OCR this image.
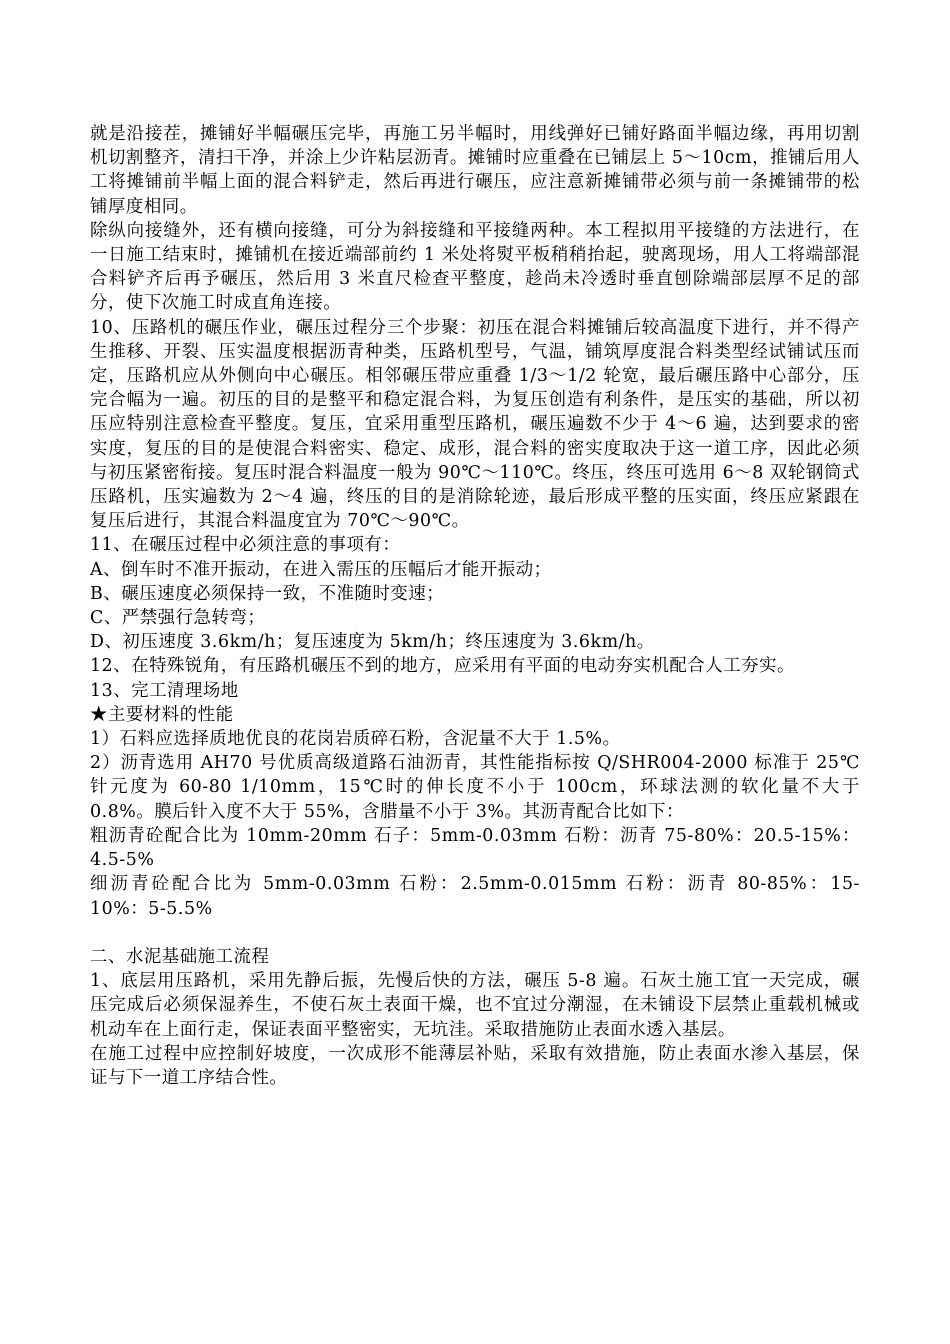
就是沿接茬，摊铺好半幅碾压完毕，再施工另半幅时，用线弹好已铺好路面半幅边缘，再用切割机切割整齐，清扫干净，并涂上少许粘层沥青。摊铺时应重叠在已铺层上 5～10cm，推铺后用人工将摊铺前半幅上面的混合料铲走，然后再进行碾压，应注意新摊铺带必须与前一条摊铺带的松铺厚度相同。

除纵向接缝外，还有横向接缝，可分为斜接缝和平接缝两种。本工程拟用平接缝的方法进行，在一日施工结束时，摊铺机在接近端部前约 1 米处将熨平板稍稍抬起，驶离现场，用人工将端部混合料铲齐后再予碾压，然后用 3 米直尺检查平整度，趁尚未冷透时垂直刨除端部层厚不足的部分，使下次施工时成直角连接。

10、压路机的碾压作业，碾压过程分三个步聚：初压在混合料摊铺后较高温度下进行，并不得产生推移、开裂、压实温度根据沥青种类，压路机型号，气温，铺筑厚度混合料类型经试铺试压而定，压路机应从外侧向中心碾压。相邻碾压带应重叠 1/3～1/2 轮宽，最后碾压路中心部分，压完合幅为一遍。初压的目的是整平和稳定混合料，为复压创造有利条件，是压实的基础，所以初压应特别注意检查平整度。复压，宜采用重型压路机，碾压遍数不少于 4～6 遍，达到要求的密实度，复压的目的是使混合料密实、稳定、成形，混合料的密实度取决于这一道工序，因此必须与初压紧密衔接。复压时混合料温度一般为 90℃～110℃。终压，终压可选用 6～8 双轮钢筒式压路机，压实遍数为 2～4 遍，终压的目的是消除轮迹，最后形成平整的压实面，终压应紧跟在复压后进行，其混合料温度宜为 70℃～90℃。

11、在碾压过程中必须注意的事项有：

A、倒车时不准开振动，在进入需压的压幅后才能开振动；

B、碾压速度必须保持一致，不准随时变速；

C、严禁强行急转弯；

D、初压速度 3.6km/h；复压速度为 5km/h；终压速度为 3.6km/h。

12、在特殊锐角，有压路机碾压不到的地方，应采用有平面的电动夯实机配合人工夯实。

13、完工清理场地

★主要材料的性能

1）石料应选择质地优良的花岗岩质碎石粉，含泥量不大于 1.5%。

2）沥青选用 AH70 号优质高级道路石油沥青，其性能指标按 Q/SHR004-2000 标准于 25℃针元度为 60-80 1/10mm，15℃时的伸长度不小于 100cm，环球法测的软化量不大于 0.8%。膜后针入度不大于 55%，含腊量不小于 3%。其沥青配合比如下：

粗沥青砼配合比为 10mm-20mm 石子：5mm-0.03mm 石粉：沥青 75-80%：20.5-15%：4.5-5%

细沥青砼配合比为 5mm-0.03mm 石粉：2.5mm-0.015mm 石粉：沥青 80-85%：15-10%：5-5.5%

二、水泥基础施工流程

1、底层用压路机，采用先静后振，先慢后快的方法，碾压 5-8 遍。石灰土施工宜一天完成，碾压完成后必须保湿养生，不使石灰土表面干燥，也不宜过分潮湿，在未铺设下层禁止重载机械或机动车在上面行走，保证表面平整密实，无坑洼。采取措施防止表面水透入基层。

在施工过程中应控制好坡度，一次成形不能薄层补贴，采取有效措施，防止表面水渗入基层，保证与下一道工序结合性。
